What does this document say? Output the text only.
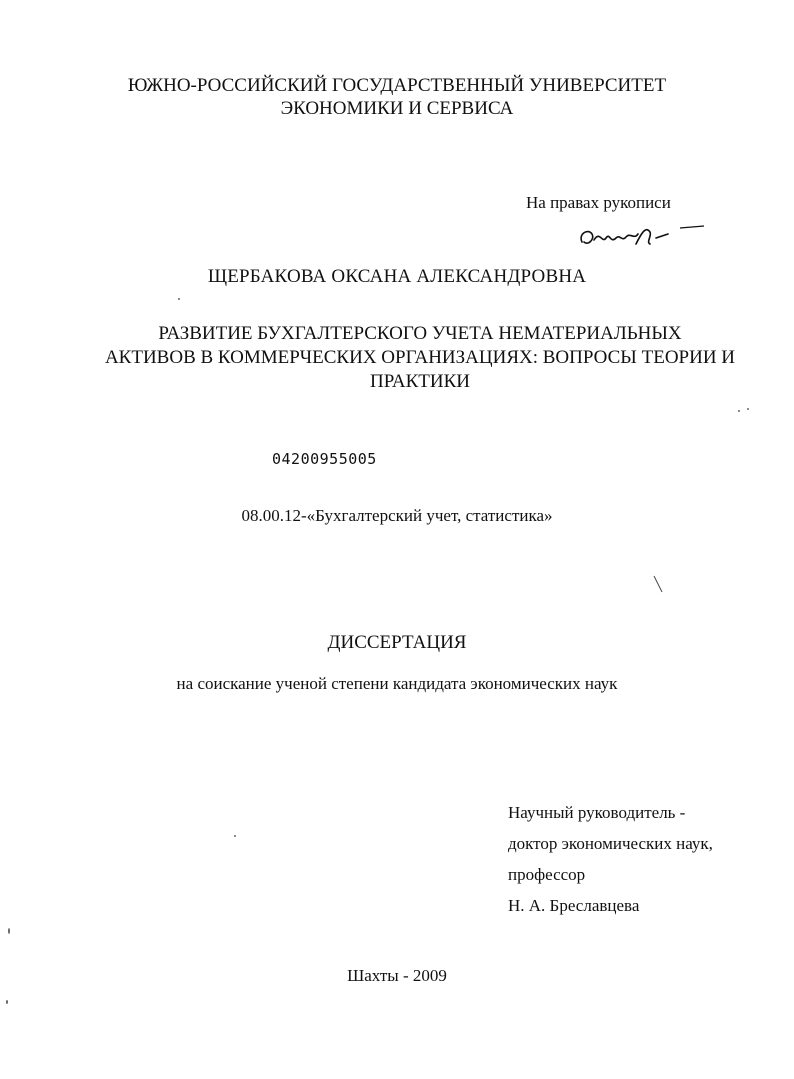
ЮЖНО-РОССИЙСКИЙ ГОСУДАРСТВЕННЫЙ УНИВЕРСИТЕТ
ЭКОНОМИКИ И СЕРВИСА
На правах рукописи
ЩЕРБАКОВА ОКСАНА АЛЕКСАНДРОВНА
РАЗВИТИЕ БУХГАЛТЕРСКОГО УЧЕТА НЕМАТЕРИАЛЬНЫХ
АКТИВОВ В КОММЕРЧЕСКИХ ОРГАНИЗАЦИЯХ: ВОПРОСЫ ТЕОРИИ И
ПРАКТИКИ
04200955005
08.00.12-«Бухгалтерский учет, статистика»
ДИССЕРТАЦИЯ
на соискание ученой степени кандидата экономических наук
Научный руководитель -
доктор экономических наук,
профессор
Н. А. Бреславцева
Шахты - 2009
